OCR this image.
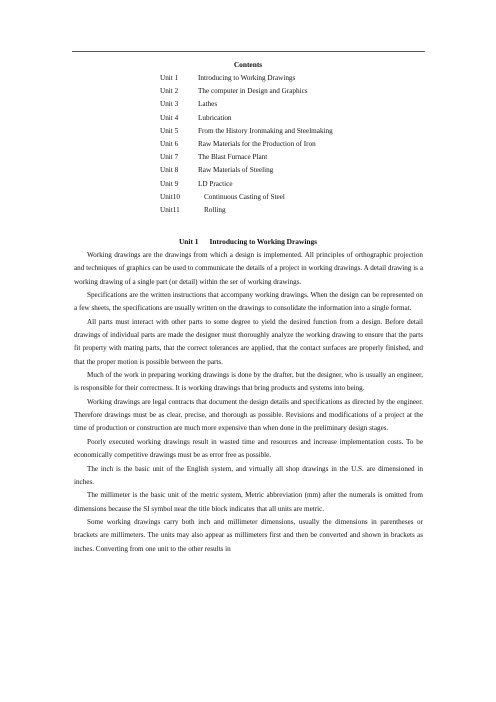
Contents
Unit 1	Introducing to Working Drawings
Unit 2	The computer in Design and Graphics
Unit 3	Lathes
Unit 4	Lubrication
Unit 5	From the History Ironmaking and Steelmaking
Unit 6	Raw Materials for the Production of Iron
Unit 7	The Blast Furnace Plant
Unit 8	Raw Materials of Steeling
Unit 9	LD Practice
Unit10	Continuous Casting of Steel
Unit11	Rolling
Unit 1      Introducing to Working Drawings

Working drawings are the drawings from which a design is implemented. All principles of orthographic projection and techniques of graphics can be used to communicate the details of a project in working drawings. A detail drawing is a working drawing of a single part (or detail) within the ser of working drawings.

Specifications are the written instructions that accompany working drawings. When the design can be represented on a few sheets, the specifications are usually written on the drawings to consolidate the information into a single format.

All parts must interact with other parts to some degree to yield the desired function from a design. Before detail drawings of individual parts are made the designer must thoroughly analyze the working drawing to ensure that the parts fit property with mating parts, that the correct tolerances are applied, that the contact surfaces are properly finished, and that the proper motion is possible between the parts.

Much of the work in preparing working drawings is done by the drafter, but the designer, who is usually an engineer, is responsible for their correctness. It is working drawings that bring products and systems into being.

Working drawings are legal contracts that document the design details and specifications as directed by the engineer. Therefore drawings must be as clear, precise, and thorough as possible. Revisions and modifications of a project at the time of production or construction are much more expensive than when done in the preliminary design stages.

Poorly executed working drawings result in wasted time and resources and increase implementation costs. To be economically competitive drawings must be as error free as possible.

The inch is the basic unit of the English system, and virtually all shop drawings in the U.S. are dimensioned in inches.

The millimeter is the basic unit of the metric system, Metric abbreviation (mm) after the numerals is omitted from dimensions because the SI symbol near the title block indicates that all units are metric.

Some working drawings carry both inch and millimeter dimensions, usually the dimensions in parentheses or brackets are millimeters. The units may also appear as millimeters first and then be converted and shown in brackets as inches. Converting from one unit to the other results in
